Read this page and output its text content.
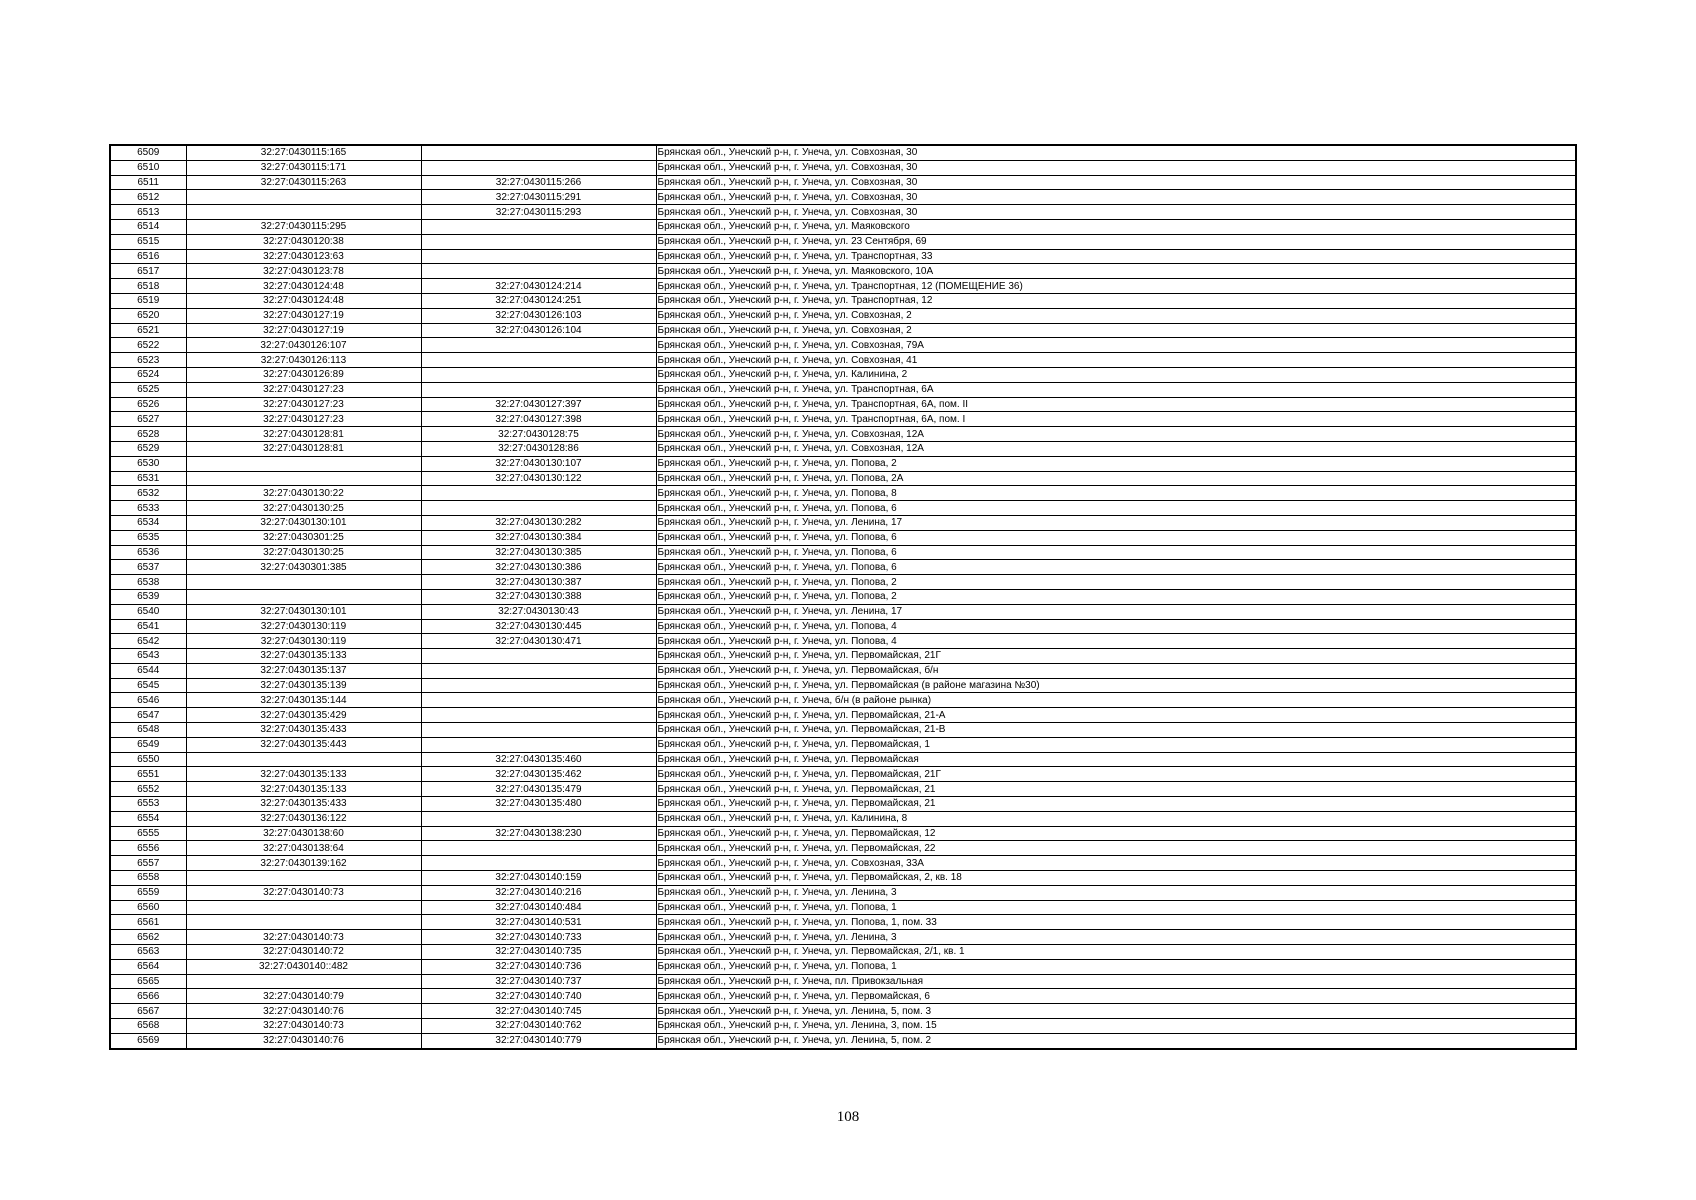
6509	32:27:0430115:165		Брянская обл., Унечский р-н, г. Унеча, ул. Совхозная, 30
6510	32:27:0430115:171		Брянская обл., Унечский р-н, г. Унеча, ул. Совхозная, 30
6511	32:27:0430115:263	32:27:0430115:266	Брянская обл., Унечский р-н, г. Унеча, ул. Совхозная, 30
6512		32:27:0430115:291	Брянская обл., Унечский р-н, г. Унеча, ул. Совхозная, 30
6513		32:27:0430115:293	Брянская обл., Унечский р-н, г. Унеча, ул. Совхозная, 30
6514	32:27:0430115:295		Брянская обл., Унечский р-н, г. Унеча, ул. Маяковского
6515	32:27:0430120:38		Брянская обл., Унечский р-н, г. Унеча, ул. 23 Сентября, 69
6516	32:27:0430123:63		Брянская обл., Унечский р-н, г. Унеча, ул. Транспортная, 33
6517	32:27:0430123:78		Брянская обл., Унечский р-н, г. Унеча, ул. Маяковского, 10А
6518	32:27:0430124:48	32:27:0430124:214	Брянская обл., Унечский р-н, г. Унеча, ул. Транспортная, 12 (ПОМЕЩЕНИЕ 36)
6519	32:27:0430124:48	32:27:0430124:251	Брянская обл., Унечский р-н, г. Унеча, ул. Транспортная, 12
6520	32:27:0430127:19	32:27:0430126:103	Брянская обл., Унечский р-н, г. Унеча, ул. Совхозная, 2
6521	32:27:0430127:19	32:27:0430126:104	Брянская обл., Унечский р-н, г. Унеча, ул. Совхозная, 2
6522	32:27:0430126:107		Брянская обл., Унечский р-н, г. Унеча, ул. Совхозная, 79А
6523	32:27:0430126:113		Брянская обл., Унечский р-н, г. Унеча, ул. Совхозная, 41
6524	32:27:0430126:89		Брянская обл., Унечский р-н, г. Унеча, ул. Калинина, 2
6525	32:27:0430127:23		Брянская обл., Унечский р-н, г. Унеча, ул. Транспортная, 6А
6526	32:27:0430127:23	32:27:0430127:397	Брянская обл., Унечский р-н, г. Унеча, ул. Транспортная, 6А, пом. II
6527	32:27:0430127:23	32:27:0430127:398	Брянская обл., Унечский р-н, г. Унеча, ул. Транспортная, 6А, пом. I
6528	32:27:0430128:81	32:27:0430128:75	Брянская обл., Унечский р-н, г. Унеча, ул. Совхозная, 12А
6529	32:27:0430128:81	32:27:0430128:86	Брянская обл., Унечский р-н, г. Унеча, ул. Совхозная, 12А
6530		32:27:0430130:107	Брянская обл., Унечский р-н, г. Унеча, ул. Попова, 2
6531		32:27:0430130:122	Брянская обл., Унечский р-н, г. Унеча, ул. Попова, 2А
6532	32:27:0430130:22		Брянская обл., Унечский р-н, г. Унеча, ул. Попова, 8
6533	32:27:0430130:25		Брянская обл., Унечский р-н, г. Унеча, ул. Попова, 6
6534	32:27:0430130:101	32:27:0430130:282	Брянская обл., Унечский р-н, г. Унеча, ул. Ленина, 17
6535	32:27:0430301:25	32:27:0430130:384	Брянская обл., Унечский р-н, г. Унеча, ул. Попова, 6
6536	32:27:0430130:25	32:27:0430130:385	Брянская обл., Унечский р-н, г. Унеча, ул. Попова, 6
6537	32:27:0430301:385	32:27:0430130:386	Брянская обл., Унечский р-н, г. Унеча, ул. Попова, 6
6538		32:27:0430130:387	Брянская обл., Унечский р-н, г. Унеча, ул. Попова, 2
6539		32:27:0430130:388	Брянская обл., Унечский р-н, г. Унеча, ул. Попова, 2
6540	32:27:0430130:101	32:27:0430130:43	Брянская обл., Унечский р-н, г. Унеча, ул. Ленина, 17
6541	32:27:0430130:119	32:27:0430130:445	Брянская обл., Унечский р-н, г. Унеча, ул. Попова, 4
6542	32:27:0430130:119	32:27:0430130:471	Брянская обл., Унечский р-н, г. Унеча, ул. Попова, 4
6543	32:27:0430135:133		Брянская обл., Унечский р-н, г. Унеча, ул. Первомайская, 21Г
6544	32:27:0430135:137		Брянская обл., Унечский р-н, г. Унеча, ул. Первомайская, б/н
6545	32:27:0430135:139		Брянская обл., Унечский р-н, г. Унеча, ул. Первомайская (в районе магазина №30)
6546	32:27:0430135:144		Брянская обл., Унечский р-н, г. Унеча, б/н (в районе рынка)
6547	32:27:0430135:429		Брянская обл., Унечский р-н, г. Унеча, ул. Первомайская, 21-А
6548	32:27:0430135:433		Брянская обл., Унечский р-н, г. Унеча, ул. Первомайская, 21-В
6549	32:27:0430135:443		Брянская обл., Унечский р-н, г. Унеча, ул. Первомайская, 1
6550		32:27:0430135:460	Брянская обл., Унечский р-н, г. Унеча, ул. Первомайская
6551	32:27:0430135:133	32:27:0430135:462	Брянская обл., Унечский р-н, г. Унеча, ул. Первомайская, 21Г
6552	32:27:0430135:133	32:27:0430135:479	Брянская обл., Унечский р-н, г. Унеча, ул. Первомайская, 21
6553	32:27:0430135:433	32:27:0430135:480	Брянская обл., Унечский р-н, г. Унеча, ул. Первомайская, 21
6554	32:27:0430136:122		Брянская обл., Унечский р-н, г. Унеча, ул. Калинина, 8
6555	32:27:0430138:60	32:27:0430138:230	Брянская обл., Унечский р-н, г. Унеча, ул. Первомайская, 12
6556	32:27:0430138:64		Брянская обл., Унечский р-н, г. Унеча, ул. Первомайская, 22
6557	32:27:0430139:162		Брянская обл., Унечский р-н, г. Унеча, ул. Совхозная, 33А
6558		32:27:0430140:159	Брянская обл., Унечский р-н, г. Унеча, ул. Первомайская, 2, кв. 18
6559	32:27:0430140:73	32:27:0430140:216	Брянская обл., Унечский р-н, г. Унеча, ул. Ленина, 3
6560		32:27:0430140:484	Брянская обл., Унечский р-н, г. Унеча, ул. Попова, 1
6561		32:27:0430140:531	Брянская обл., Унечский р-н, г. Унеча, ул. Попова, 1, пом. 33
6562	32:27:0430140:73	32:27:0430140:733	Брянская обл., Унечский р-н, г. Унеча, ул. Ленина, 3
6563	32:27:0430140:72	32:27:0430140:735	Брянская обл., Унечский р-н, г. Унеча, ул. Первомайская, 2/1, кв. 1
6564	32:27:0430140::482	32:27:0430140:736	Брянская обл., Унечский р-н, г. Унеча, ул. Попова, 1
6565		32:27:0430140:737	Брянская обл., Унечский р-н, г. Унеча, пл. Привокзальная
6566	32:27:0430140:79	32:27:0430140:740	Брянская обл., Унечский р-н, г. Унеча, ул. Первомайская, 6
6567	32:27:0430140:76	32:27:0430140:745	Брянская обл., Унечский р-н, г. Унеча, ул. Ленина, 5, пом. 3
6568	32:27:0430140:73	32:27:0430140:762	Брянская обл., Унечский р-н, г. Унеча, ул. Ленина, 3, пом. 15
6569	32:27:0430140:76	32:27:0430140:779	Брянская обл., Унечский р-н, г. Унеча, ул. Ленина, 5, пом. 2
108
